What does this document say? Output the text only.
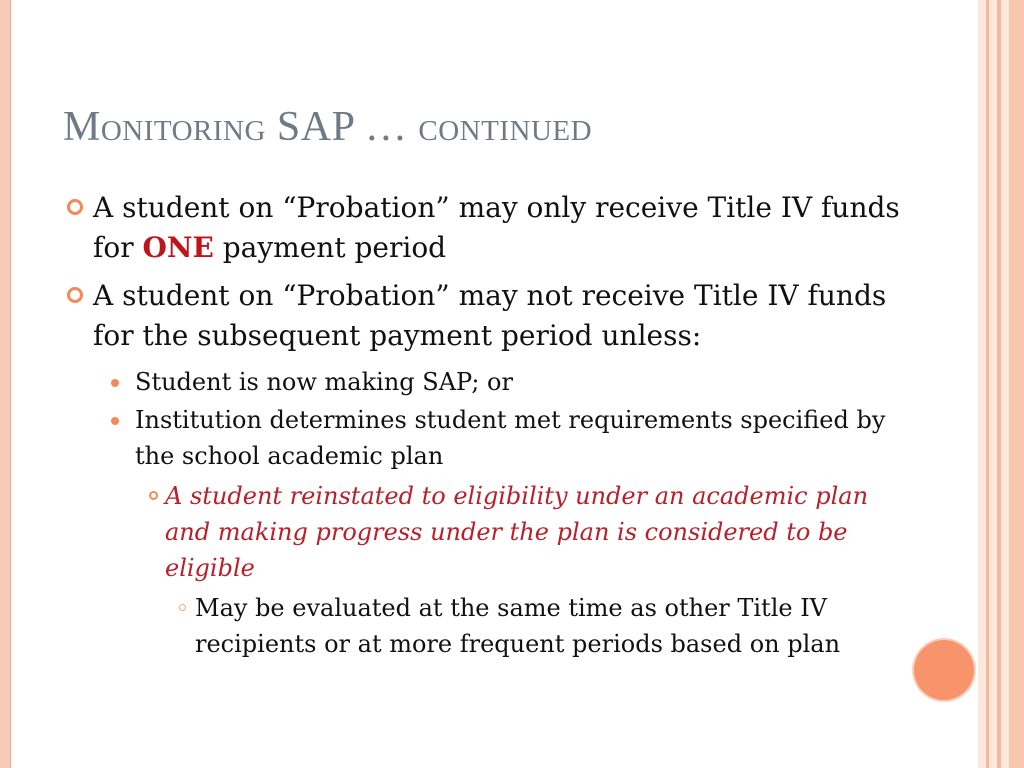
Monitoring SAP … continued
A student on “Probation” may only receive Title IV funds for ONE payment period
A student on “Probation” may not receive Title IV funds for the subsequent payment period unless:
Student is now making SAP; or
Institution determines student met requirements specified by the school academic plan
A student reinstated to eligibility under an academic plan and making progress under the plan is considered to be eligible
May be evaluated at the same time as other Title IV recipients or at more frequent periods based on plan
